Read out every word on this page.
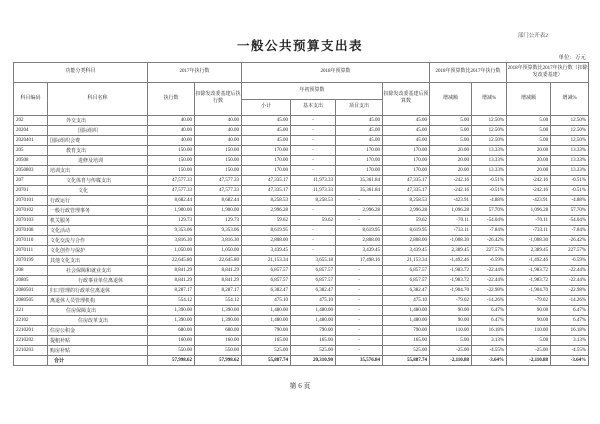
部门公开表2
一般公共预算支出表
单位：万元
功能分类科目		2017年执行数		2018年预算数				2018年预算数比2017年执行数		2018年预算数比2017年执行数（扣除发改委基建）	
科目编码	科目名称	执行数	扣除发改委基建后执行数	年初预算数			扣除发改委基建后预算数	增减额	增减%	增减额	增减%
				小计	基本支出	项目支出					
202	外交支出	40.00	40.00	45.00	-	45.00	45.00	5.00	12.50%	5.00	12.50%
20204	国际组织	40.00	40.00	45.00	-	45.00	45.00	5.00	12.50%	5.00	12.50%
2020401	国际组织会费	40.00	40.00	45.00	-	45.00	45.00	5.00	12.50%	5.00	12.50%
205	教育支出	150.00	150.00	170.00	-	170.00	170.00	20.00	13.33%	20.00	13.33%
20508	进修及培训	150.00	150.00	170.00	-	170.00	170.00	20.00	13.33%	20.00	13.33%
2050803	培训支出	150.00	150.00	170.00	-	170.00	170.00	20.00	13.33%	20.00	13.33%
207	文化体育与传媒支出	47,577.33	47,577.33	47,335.17	11,973.33	35,361.84	47,335.17	-242.16	-0.51%	-242.16	-0.51%
20701	文化	47,577.33	47,577.33	47,335.17	11,973.33	35,361.84	47,335.17	-242.16	-0.51%	-242.16	-0.51%
2070101	行政运行	8,682.44	8,682.44	8,258.53	8,258.53	-	8,258.53	-423.91	-4.88%	-423.91	-4.88%
2070102	一般行政管理事务	1,900.00	1,900.00	2,996.28	-	2,996.28	2,996.28	1,096.28	57.70%	1,096.28	57.70%
2070103	机关服务	129.73	129.73	59.62	59.62	-	59.62	-70.11	-54.04%	-70.11	-54.04%
2070108	文化活动	9,353.06	9,353.06	8,619.95	-	8,619.95	8,619.95	-733.11	-7.84%	-733.11	-7.84%
2070110	文化交流与合作	3,816.30	3,816.30	2,808.00	-	2,808.00	2,808.00	-1,008.30	-26.42%	-1,008.30	-26.42%
2070111	文化创作与保护	1,050.00	1,050.00	3,439.45	-	3,439.45	3,439.45	2,389.45	227.57%	2,389.45	227.57%
2070199	其他文化支出	22,645.80	22,645.80	21,153.34	3,655.18	17,498.16	21,153.34	-1,492.46	-6.59%	-1,492.46	-6.59%
208	社会保障和就业支出	8,841.29	8,841.29	6,857.57	6,857.57	-	6,857.57	-1,983.72	-22.44%	-1,983.72	-22.44%
20805	行政事业单位离退休	8,841.29	8,841.29	6,857.57	6,857.57	-	6,857.57	-1,983.72	-22.44%	-1,983.72	-22.44%
2080501	归口管理的行政单位离退休	8,287.17	8,287.17	6,382.47	6,382.47	-	6,382.47	-1,904.70	-22.98%	-1,904.70	-22.98%
2080505	离退休人员管理机构	554.12	554.12	475.10	475.10	-	475.10	-79.02	-14.26%	-79.02	-14.26%
221	住房保障支出	1,390.00	1,390.00	1,480.00	1,480.00	-	1,480.00	90.00	6.47%	90.00	6.47%
22102	住房改革支出	1,390.00	1,390.00	1,480.00	1,480.00	-	1,480.00	90.00	6.47%	90.00	6.47%
2210201	住房公积金	680.00	680.00	790.00	790.00	-	790.00	110.00	16.18%	110.00	16.18%
2210202	提租补贴	160.00	160.00	165.00	165.00	-	165.00	5.00	3.13%	5.00	3.13%
2210203	购房补贴	550.00	550.00	525.00	525.00	-	525.00	-25.00	-4.55%	-25.00	-4.55%
	合计	57,998.62	57,998.62	55,887.74	20,310.90	35,576.84	55,887.74	-2,110.88	-3.64%	-2,110.88	-3.64%
第 6 页
